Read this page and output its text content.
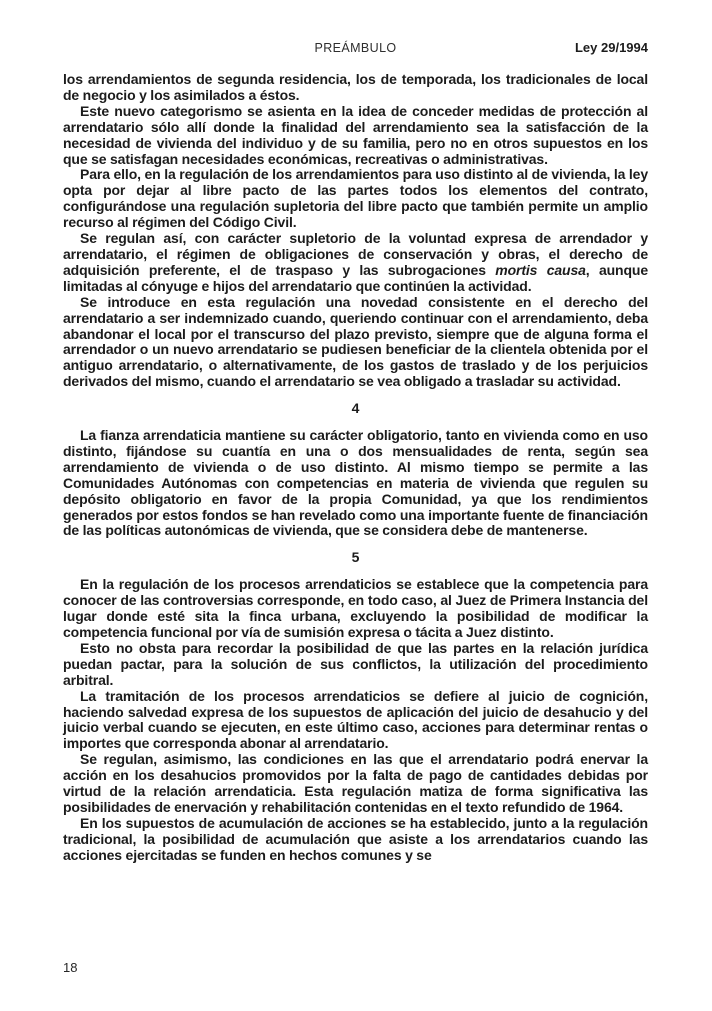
PREÁMBULO	Ley 29/1994

los arrendamientos de segunda residencia, los de temporada, los tradicionales de local de negocio y los asimilados a éstos.

Este nuevo categorismo se asienta en la idea de conceder medidas de protección al arrendatario sólo allí donde la finalidad del arrendamiento sea la satisfacción de la necesidad de vivienda del individuo y de su familia, pero no en otros supuestos en los que se satisfagan necesidades económicas, recreativas o administrativas.

Para ello, en la regulación de los arrendamientos para uso distinto al de vivienda, la ley opta por dejar al libre pacto de las partes todos los elementos del contrato, configurándose una regulación supletoria del libre pacto que también permite un amplio recurso al régimen del Código Civil.

Se regulan así, con carácter supletorio de la voluntad expresa de arrendador y arrendatario, el régimen de obligaciones de conservación y obras, el derecho de adquisición preferente, el de traspaso y las subrogaciones mortis causa, aunque limitadas al cónyuge e hijos del arrendatario que continúen la actividad.

Se introduce en esta regulación una novedad consistente en el derecho del arrendatario a ser indemnizado cuando, queriendo continuar con el arrendamiento, deba abandonar el local por el transcurso del plazo previsto, siempre que de alguna forma el arrendador o un nuevo arrendatario se pudiesen beneficiar de la clientela obtenida por el antiguo arrendatario, o alternativamente, de los gastos de traslado y de los perjuicios derivados del mismo, cuando el arrendatario se vea obligado a trasladar su actividad.

4

La fianza arrendaticia mantiene su carácter obligatorio, tanto en vivienda como en uso distinto, fijándose su cuantía en una o dos mensualidades de renta, según sea arrendamiento de vivienda o de uso distinto. Al mismo tiempo se permite a las Comunidades Autónomas con competencias en materia de vivienda que regulen su depósito obligatorio en favor de la propia Comunidad, ya que los rendimientos generados por estos fondos se han revelado como una importante fuente de financiación de las políticas autonómicas de vivienda, que se considera debe de mantenerse.

5

En la regulación de los procesos arrendaticios se establece que la competencia para conocer de las controversias corresponde, en todo caso, al Juez de Primera Instancia del lugar donde esté sita la finca urbana, excluyendo la posibilidad de modificar la competencia funcional por vía de sumisión expresa o tácita a Juez distinto.

Esto no obsta para recordar la posibilidad de que las partes en la relación jurídica puedan pactar, para la solución de sus conflictos, la utilización del procedimiento arbitral.

La tramitación de los procesos arrendaticios se defiere al juicio de cognición, haciendo salvedad expresa de los supuestos de aplicación del juicio de desahucio y del juicio verbal cuando se ejecuten, en este último caso, acciones para determinar rentas o importes que corresponda abonar al arrendatario.

Se regulan, asimismo, las condiciones en las que el arrendatario podrá enervar la acción en los desahucios promovidos por la falta de pago de cantidades debidas por virtud de la relación arrendaticia. Esta regulación matiza de forma significativa las posibilidades de enervación y rehabilitación contenidas en el texto refundido de 1964.

En los supuestos de acumulación de acciones se ha establecido, junto a la regulación tradicional, la posibilidad de acumulación que asiste a los arrendatarios cuando las acciones ejercitadas se funden en hechos comunes y se

18
